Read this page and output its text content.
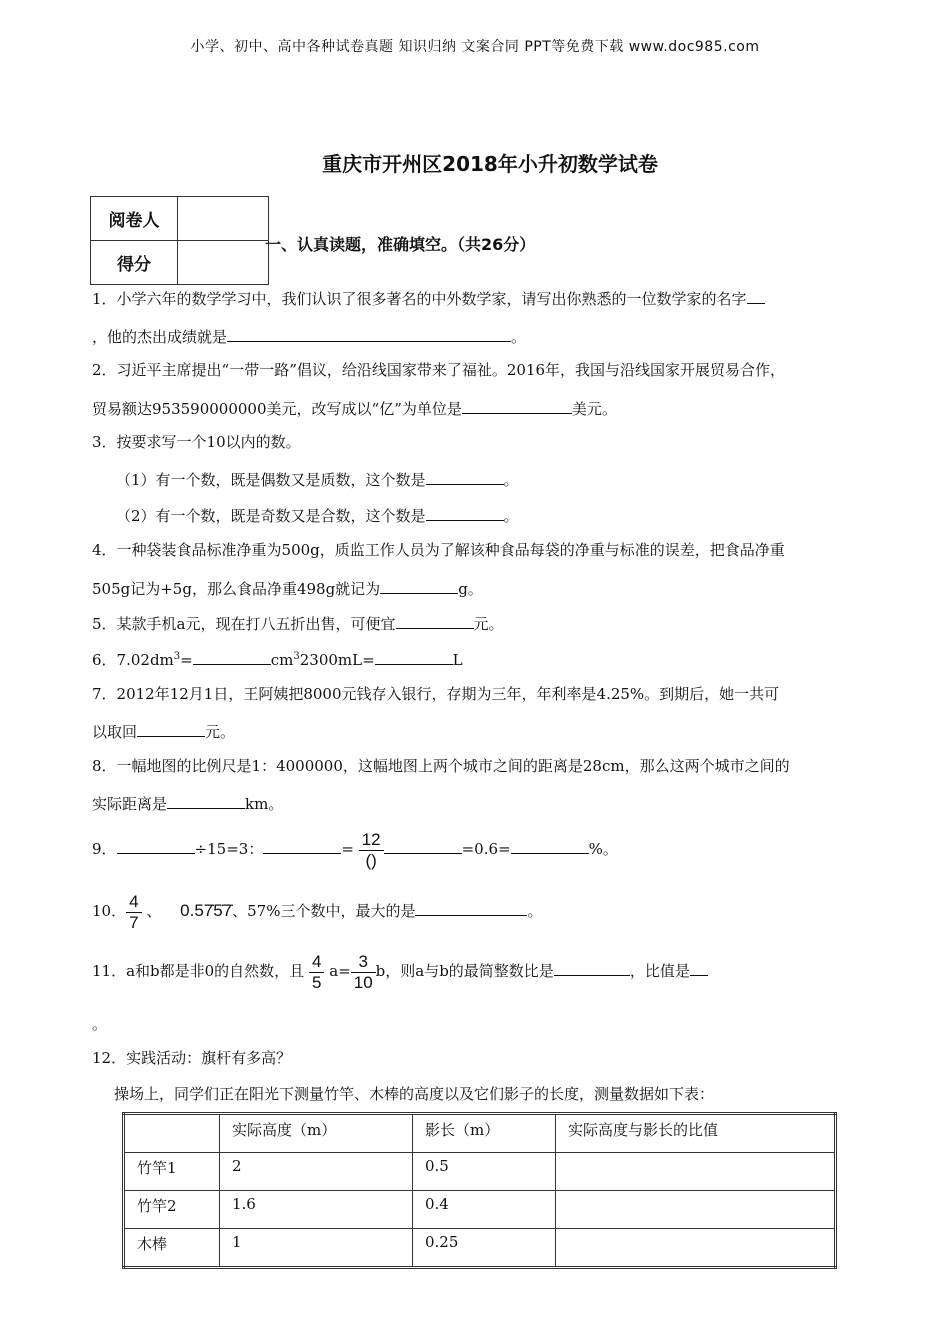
小学、初中、高中各种试卷真题 知识归纳 文案合同 PPT等免费下载 www.doc985.com
重庆市开州区2018年小升初数学试卷
阅卷人	
得分	
一、认真读题，准确填空。（共26分）
1．小学六年的数学学习中，我们认识了很多著名的中外数学家，请写出你熟悉的一位数学家的名字
，他的杰出成绩就是	。
2．习近平主席提出“一带一路”倡议，给沿线国家带来了福祉。2016年，我国与沿线国家开展贸易合作，
贸易额达953590000000美元，改写成以“亿”为单位是	美元。
3．按要求写一个10以内的数。
（1）有一个数，既是偶数又是质数，这个数是	。
（2）有一个数，既是奇数又是合数，这个数是	。
4．一种袋装食品标准净重为500g，质监工作人员为了解该种食品每袋的净重与标准的误差，把食品净重
505g记为+5g，那么食品净重498g就记为	g。
5．某款手机a元，现在打八五折出售，可便宜	元。
6．$7.02dm^3=$	$cm^32300mL=$	L
7．2012年12月1日，王阿姨把8000元钱存入银行，存期为三年，年利率是4.25%。到期后，她一共可
以取回	元。
8．一幅地图的比例尺是1：4000000，这幅地图上两个城市之间的距离是28cm，那么这两个城市之间的
实际距离是	km。
9．	÷15=3：	= $\frac{12}{()}$	=0.6=	%。
10． $\frac{4}{7}$ 、 0.57̇5̇7̇、57%三个数中，最大的是	。
11．a和b都是非0的自然数，且 $\frac{4}{5} a= \frac{3}{10}$ b，则a与b的最简整数比是	，比值是
。
12．实践活动：旗杆有多高？
操场上，同学们正在阳光下测量竹竿、木棒的高度以及它们影子的长度，测量数据如下表：
	实际高度（m）	影长（m）	实际高度与影长的比值
竹竿1	2	0.5	
竹竿2	1.6	0.4	
木棒	1	0.25	
